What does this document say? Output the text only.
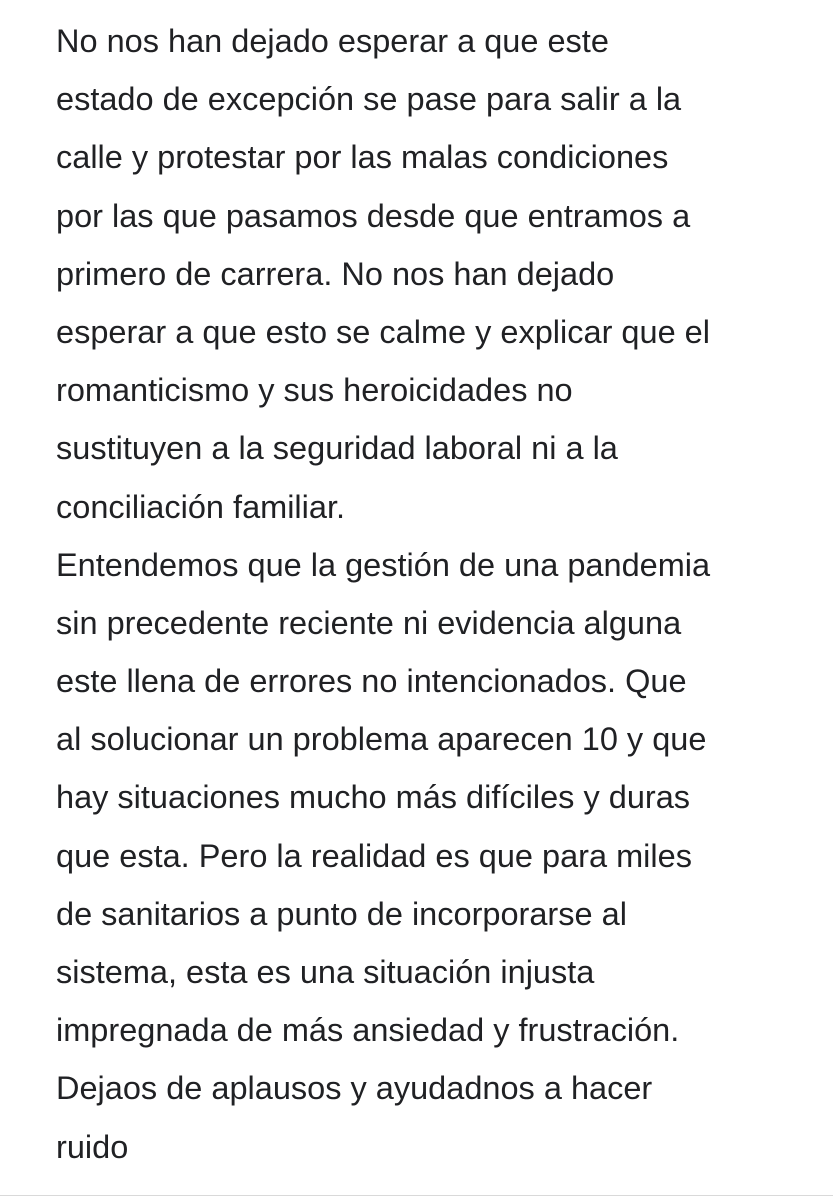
No nos han dejado esperar a que este
estado de excepción se pase para salir a la
calle y protestar por las malas condiciones
por las que pasamos desde que entramos a
primero de carrera. No nos han dejado
esperar a que esto se calme y explicar que el
romanticismo y sus heroicidades no
sustituyen a la seguridad laboral ni a la
conciliación familiar.
Entendemos que la gestión de una pandemia
sin precedente reciente ni evidencia alguna
este llena de errores no intencionados. Que
al solucionar un problema aparecen 10 y que
hay situaciones mucho más difíciles y duras
que esta. Pero la realidad es que para miles
de sanitarios a punto de incorporarse al
sistema, esta es una situación injusta
impregnada de más ansiedad y frustración.
Dejaos de aplausos y ayudadnos a hacer
ruido
